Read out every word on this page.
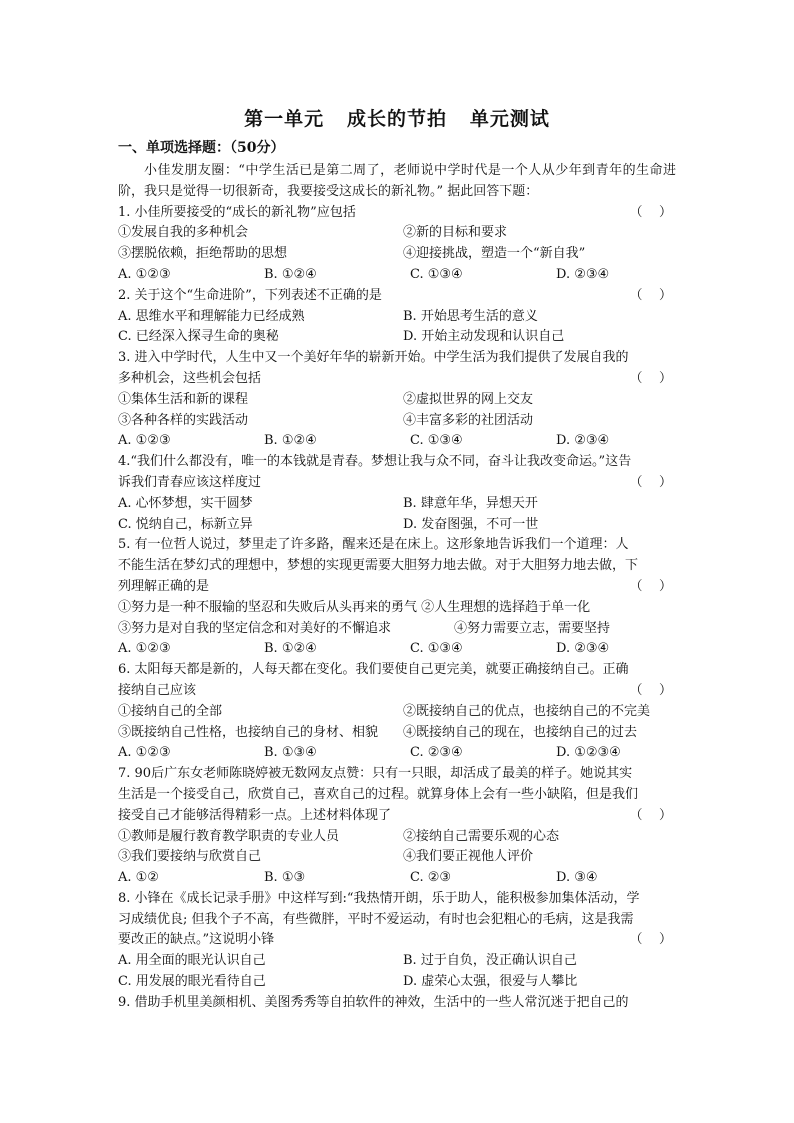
第一单元   成长的节拍   单元测试
一、单项选择题：（50分）
小佳发朋友圈：“中学生活已是第二周了，老师说中学时代是一个人从少年到青年的生命进阶，我只是觉得一切很新奇，我要接受这成长的新礼物。” 据此回答下题：
1. 小佳所要接受的“成长的新礼物”应包括	（    ）
①发展自我的多种机会	②新的目标和要求
③摆脱依赖，拒绝帮助的思想	④迎接挑战，塑造一个“新自我”
A. ①②③	B. ①②④	C. ①③④	D. ②③④
2. 关于这个“生命进阶”，下列表述不正确的是	（    ）
A. 思维水平和理解能力已经成熟	B. 开始思考生活的意义
C. 已经深入探寻生命的奥秘	D. 开始主动发现和认识自己
3. 进入中学时代，人生中又一个美好年华的崭新开始。中学生活为我们提供了发展自我的
多种机会，这些机会包括	（    ）
①集体生活和新的课程	②虚拟世界的网上交友
③各种各样的实践活动	④丰富多彩的社团活动
A. ①②③	B. ①②④	C. ①③④	D. ②③④
4.“我们什么都没有，唯一的本钱就是青春。梦想让我与众不同，奋斗让我改变命运。”这告
诉我们青春应该这样度过	（    ）
A. 心怀梦想，实干圆梦	B. 肆意年华，异想天开
C. 悦纳自己，标新立异	D. 发奋图强，不可一世
5. 有一位哲人说过，梦里走了许多路，醒来还是在床上。这形象地告诉我们一个道理：人
不能生活在梦幻式的理想中，梦想的实现更需要大胆努力地去做。对于大胆努力地去做，下
列理解正确的是	（    ）
①努力是一种不服输的坚忍和失败后从头再来的勇气 ②人生理想的选择趋于单一化
③努力是对自我的坚定信念和对美好的不懈追求	④努力需要立志，需要坚持
A. ①②③	B. ①②④	C. ①③④	D. ②③④
6. 太阳每天都是新的，人每天都在变化。我们要使自己更完美，就要正确接纳自己。正确
接纳自己应该	（    ）
①接纳自己的全部	②既接纳自己的优点，也接纳自己的不完美
③既接纳自己性格，也接纳自己的身材、相貌	④既接纳自己的现在，也接纳自己的过去
A. ①②③	B. ①③④	C. ②③④	D. ①②③④
7. 90后广东女老师陈晓婷被无数网友点赞：只有一只眼，却活成了最美的样子。她说其实
生活是一个接受自己，欣赏自己，喜欢自己的过程。就算身体上会有一些小缺陷，但是我们
接受自己才能够活得精彩一点。上述材料体现了	（    ）
①教师是履行教育教学职责的专业人员	②接纳自己需要乐观的心态
③我们要接纳与欣赏自己	④我们要正视他人评价
A. ①②	B. ①③	C. ②③	D. ③④
8. 小锋在《成长记录手册》中这样写到:“我热情开朗，乐于助人，能积极参加集体活动，学
习成绩优良; 但我个子不高，有些微胖，平时不爱运动，有时也会犯粗心的毛病，这是我需
要改正的缺点。”这说明小锋	（    ）
A. 用全面的眼光认识自己	B. 过于自负，没正确认识自己
C. 用发展的眼光看待自己	D. 虚荣心太强，很爱与人攀比
9. 借助手机里美颜相机、美图秀秀等自拍软件的神效，生活中的一些人常沉迷于把自己的
